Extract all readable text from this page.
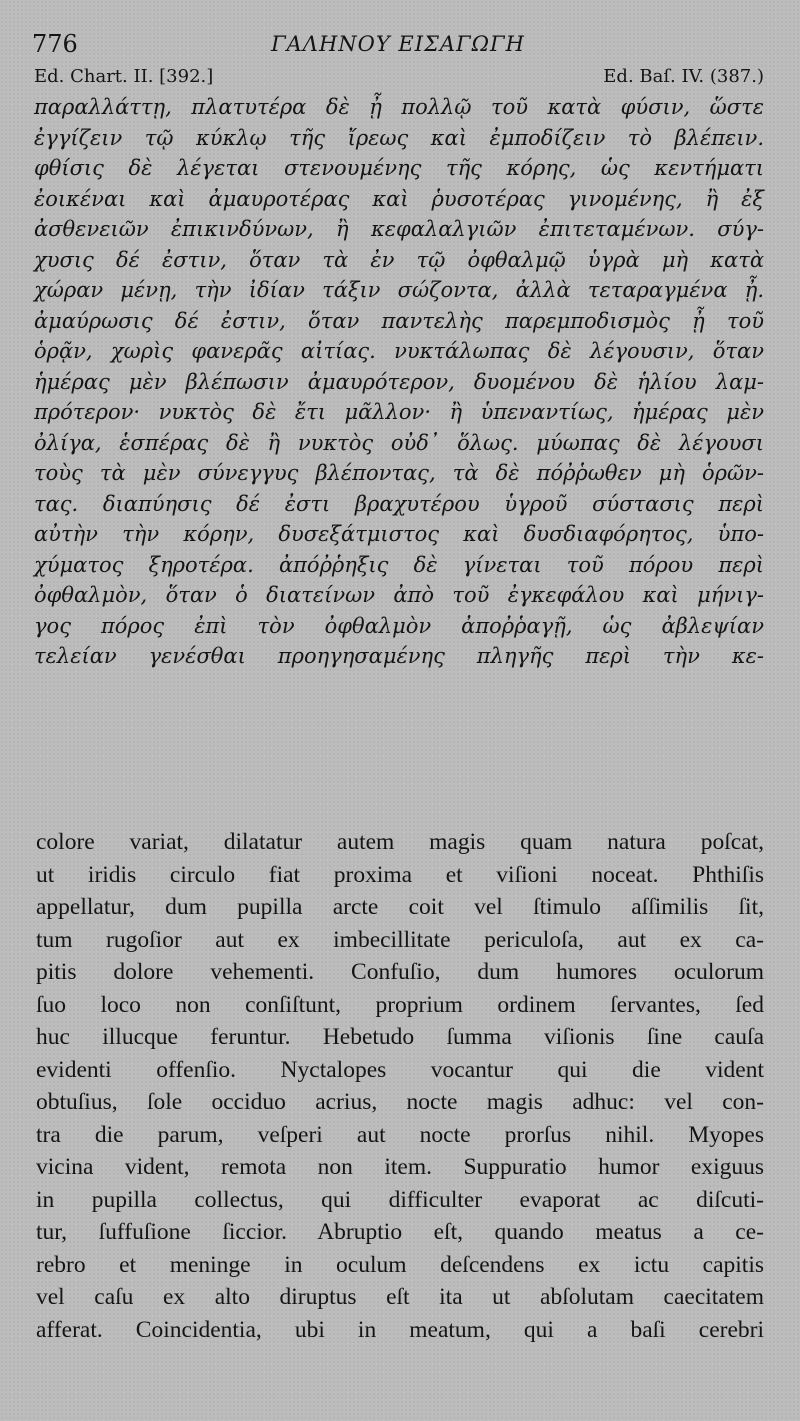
776	ΓΑΛΗΝΟΥ ΕΙΣΑΓΩΓΗ
Ed. Chart. II. [392.]	Ed. Baſ. IV. (387.)
παραλλάττῃ, πλατυτέρα δὲ ᾖ πολλῷ τοῦ κατὰ φύσιν, ὥστε
ἐγγίζειν τῷ κύκλῳ τῆς ἴρεως καὶ ἐμποδίζειν τὸ βλέπειν.
φθίσις δὲ λέγεται στενουμένης τῆς κόρης, ὡς κεντήματι
ἐοικέναι καὶ ἀμαυροτέρας καὶ ῥυσοτέρας γινομένης, ἢ ἐξ
ἀσθενειῶν ἐπικινδύνων, ἢ κεφαλαλγιῶν ἐπιτεταμένων. σύγ-
χυσις δέ ἐστιν, ὅταν τὰ ἐν τῷ ὀφθαλμῷ ὑγρὰ μὴ κατὰ
χώραν μένῃ, τὴν ἰδίαν τάξιν σώζοντα, ἀλλὰ τεταραγμένα ᾖ.
ἀμαύρωσις δέ ἐστιν, ὅταν παντελὴς παρεμποδισμὸς ᾖ τοῦ
ὁρᾷν, χωρὶς φανερᾶς αἰτίας. νυκτάλωπας δὲ λέγουσιν, ὅταν
ἡμέρας μὲν βλέπωσιν ἀμαυρότερον, δυομένου δὲ ἡλίου λαμ-
πρότερον· νυκτὸς δὲ ἔτι μᾶλλον· ἢ ὑπεναντίως, ἡμέρας μὲν
ὀλίγα, ἑσπέρας δὲ ἢ νυκτὸς οὐδ᾽ ὅλως. μύωπας δὲ λέγουσι
τοὺς τὰ μὲν σύνεγγυς βλέποντας, τὰ δὲ πόῤῥωθεν μὴ ὁρῶν-
τας. διαπύησις δέ ἐστι βραχυτέρου ὑγροῦ σύστασις περὶ
αὐτὴν τὴν κόρην, δυσεξάτμιστος καὶ δυσδιαφόρητος, ὑπο-
χύματος ξηροτέρα. ἀπόῤῥηξις δὲ γίνεται τοῦ πόρου περὶ
ὀφθαλμὸν, ὅταν ὁ διατείνων ἀπὸ τοῦ ἐγκεφάλου καὶ μήνιγ-
γος πόρος ἐπὶ τὸν ὀφθαλμὸν ἀποῤῥαγῇ, ὡς ἀβλεψίαν
τελείαν γενέσθαι προηγησαμένης πληγῆς περὶ τὴν κε-
colore variat, dilatatur autem magis quam natura poſcat,
ut iridis circulo fiat proxima et viſioni noceat. Phthiſis
appellatur, dum pupilla arcte coit vel ſtimulo aſſimilis ſit,
tum rugoſior aut ex imbecillitate periculoſa, aut ex ca-
pitis dolore vehementi. Confuſio, dum humores oculorum
ſuo loco non conſiſtunt, proprium ordinem ſervantes, ſed
huc illucque feruntur. Hebetudo ſumma viſionis ſine cauſa
evidenti offenſio. Nyctalopes vocantur qui die vident
obtuſius, ſole occiduo acrius, nocte magis adhuc: vel con-
tra die parum, veſperi aut nocte prorſus nihil. Myopes
vicina vident, remota non item. Suppuratio humor exiguus
in pupilla collectus, qui difficulter evaporat ac diſcuti-
tur, ſuffuſione ſiccior. Abruptio eſt, quando meatus a ce-
rebro et meninge in oculum deſcendens ex ictu capitis
vel caſu ex alto diruptus eſt ita ut abſolutam caecitatem
afferat. Coincidentia, ubi in meatum, qui a baſi cerebri
